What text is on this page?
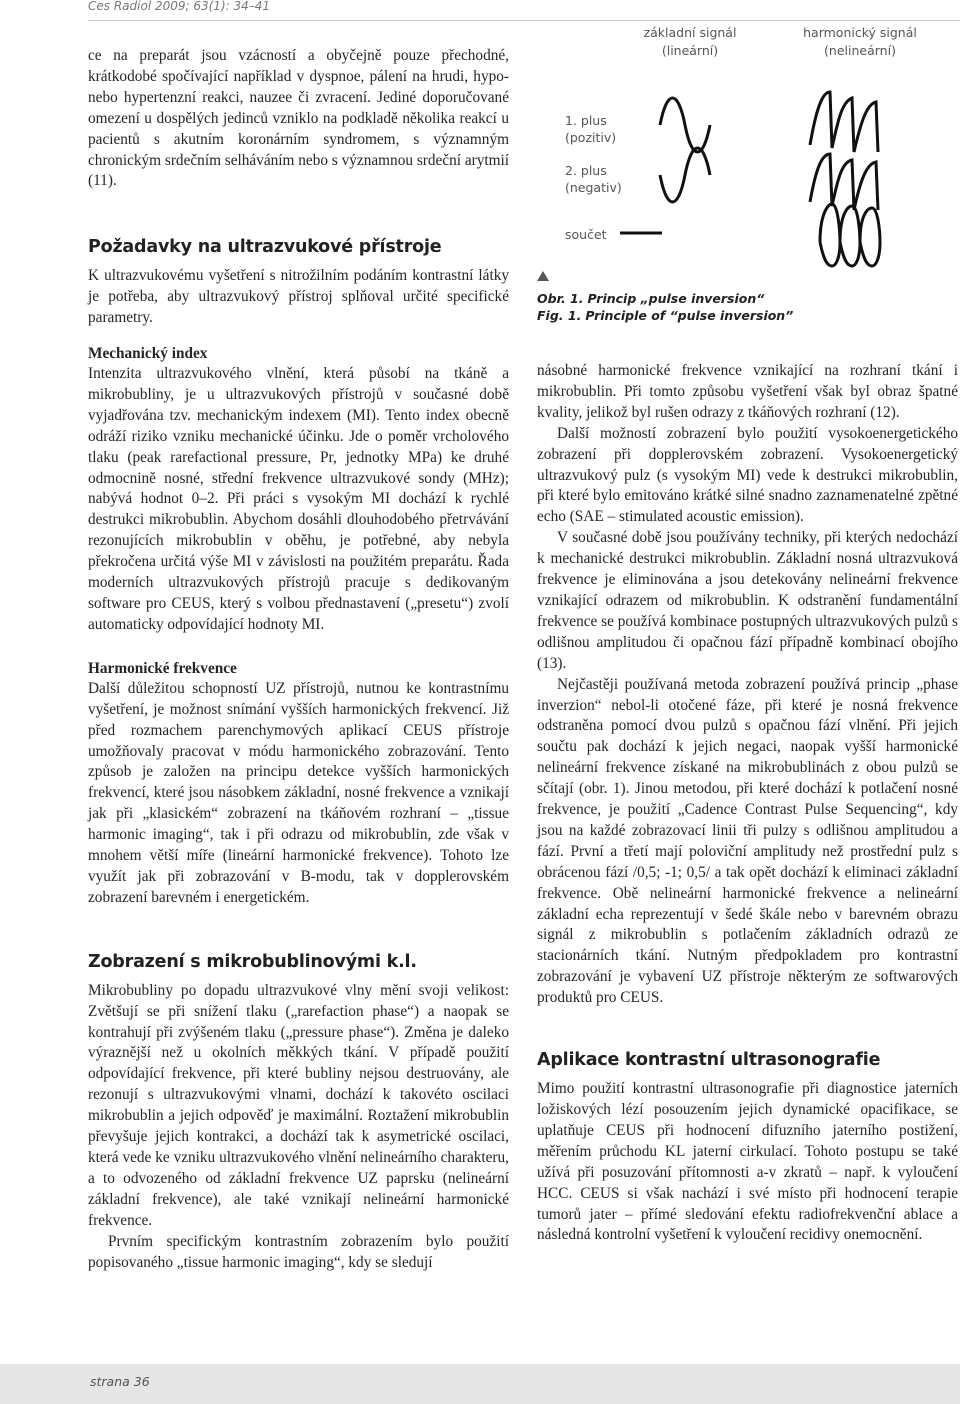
Ces Radiol 2009; 63(1): 34–41

ce na preparát jsou vzácností a obyčejně pouze přechodné, krátkodobé spočívající například v dyspnoe, pálení na hrudi, hypo- nebo hypertenzní reakci, nauzee či zvracení. Jediné doporučované omezení u dospělých jedinců vzniklo na podkladě několika reakcí u pacientů s akutním koronárním syndromem, s významným chronickým srdečním selháváním nebo s významnou srdeční arytmií (11).

Požadavky na ultrazvukové přístroje

K ultrazvukovému vyšetření s nitrožilním podáním kontrastní látky je potřeba, aby ultrazvukový přístroj splňoval určité specifické parametry.

základní signál (lineární)
harmonický signál (nelineární)
1. plus (pozitiv)
2. plus (negativ)
součet
Obr. 1. Princip „pulse inversion“
Fig. 1. Principle of “pulse inversion”
Mechanický index

Intenzita ultrazvukového vlnění, která působí na tkáně a mikrobubliny, je u ultrazvukových přístrojů v současné době vyjadřována tzv. mechanickým indexem (MI). Tento index obecně odráží riziko vzniku mechanické účinku. Jde o poměr vrcholového tlaku (peak rarefactional pressure, Pr, jednotky MPa) ke druhé odmocnině nosné, střední frekvence ultrazvukové sondy (MHz); nabývá hodnot 0–2. Při práci s vysokým MI dochází k rychlé destrukci mikrobublin. Abychom dosáhli dlouhodobého přetrvávání rezonujících mikrobublin v oběhu, je potřebné, aby nebyla překročena určitá výše MI v závislosti na použitém preparátu. Řada moderních ultrazvukových přístrojů pracuje s dedikovaným software pro CEUS, který s volbou přednastavení („presetu“) zvolí automaticky odpovídající hodnoty MI.

Harmonické frekvence

Další důležitou schopností UZ přístrojů, nutnou ke kontrastnímu vyšetření, je možnost snímání vyšších harmonických frekvencí. Již před rozmachem parenchymových aplikací CEUS přístroje umožňovaly pracovat v módu harmonického zobrazování. Tento způsob je založen na principu detekce vyšších harmonických frekvencí, které jsou násobkem základní, nosné frekvence a vznikají jak při „klasickém“ zobrazení na tkáňovém rozhraní – „tissue harmonic imaging“, tak i při odrazu od mikrobublin, zde však v mnohem větší míře (lineární harmonické frekvence). Tohoto lze využít jak při zobrazování v B-modu, tak v dopplerovském zobrazení barevném i energetickém.

Zobrazení s mikrobublinovými k.l.

Mikrobubliny po dopadu ultrazvukové vlny mění svoji velikost: Zvětšují se při snížení tlaku („rarefaction phase“) a naopak se kontrahují při zvýšeném tlaku („pressure phase“). Změna je daleko výraznější než u okolních měkkých tkání. V případě použití odpovídající frekvence, při které bubliny nejsou destruovány, ale rezonují s ultrazvukovými vlnami, dochází k takovéto oscilaci mikrobublin a jejich odpověď je maximální. Roztažení mikrobublin převyšuje jejich kontrakci, a dochází tak k asymetrické oscilaci, která vede ke vzniku ultrazvukového vlnění nelineárního charakteru, a to odvozeného od základní frekvence UZ paprsku (nelineární základní frekvence), ale také vznikají nelineární harmonické frekvence.

Prvním specifickým kontrastním zobrazením bylo použití popisovaného „tissue harmonic imaging“, kdy se sledují

násobné harmonické frekvence vznikající na rozhraní tkání i mikrobublin. Při tomto způsobu vyšetření však byl obraz špatné kvality, jelikož byl rušen odrazy z tkáňových rozhraní (12).

Další možností zobrazení bylo použití vysokoenergetického zobrazení při dopplerovském zobrazení. Vysokoenergetický ultrazvukový pulz (s vysokým MI) vede k destrukci mikrobublin, při které bylo emitováno krátké silné snadno zaznamenatelné zpětné echo (SAE – stimulated acoustic emission).

V současné době jsou používány techniky, při kterých nedochází k mechanické destrukci mikrobublin. Základní nosná ultrazvuková frekvence je eliminována a jsou detekovány nelineární frekvence vznikající odrazem od mikrobublin. K odstranění fundamentální frekvence se používá kombinace postupných ultrazvukových pulzů s odlišnou amplitudou či opačnou fází případně kombinací obojího (13).

Nejčastěji používaná metoda zobrazení používá princip „phase inverzion“ nebol-li otočené fáze, při které je nosná frekvence odstraněna pomocí dvou pulzů s opačnou fází vlnění. Při jejich součtu pak dochází k jejich negaci, naopak vyšší harmonické nelineární frekvence získané na mikrobublinách z obou pulzů se sčítají (obr. 1). Jinou metodou, při které dochází k potlačení nosné frekvence, je použití „Cadence Contrast Pulse Sequencing“, kdy jsou na každé zobrazovací linii tři pulzy s odlišnou amplitudou a fází. První a třetí mají poloviční amplitudy než prostřední pulz s obrácenou fází /0,5; -1; 0,5/ a tak opět dochází k eliminaci základní frekvence. Obě nelineární harmonické frekvence a nelineární základní echa reprezentují v šedé škále nebo v barevném obrazu signál z mikrobublin s potlačením základních odrazů ze stacionárních tkání. Nutným předpokladem pro kontrastní zobrazování je vybavení UZ přístroje některým ze softwarových produktů pro CEUS.

Aplikace kontrastní ultrasonografie

Mimo použití kontrastní ultrasonografie při diagnostice jaterních ložiskových lézí posouzením jejich dynamické opacifikace, se uplatňuje CEUS při hodnocení difuzního jaterního postižení, měřením průchodu KL jaterní cirkulací. Tohoto postupu se také užívá při posuzování přítomnosti a-v zkratů – např. k vyloučení HCC. CEUS si však nachází i své místo při hodnocení terapie tumorů jater – přímé sledování efektu radiofrekvenční ablace a následná kontrolní vyšetření k vyloučení recidivy onemocnění.

strana 36
